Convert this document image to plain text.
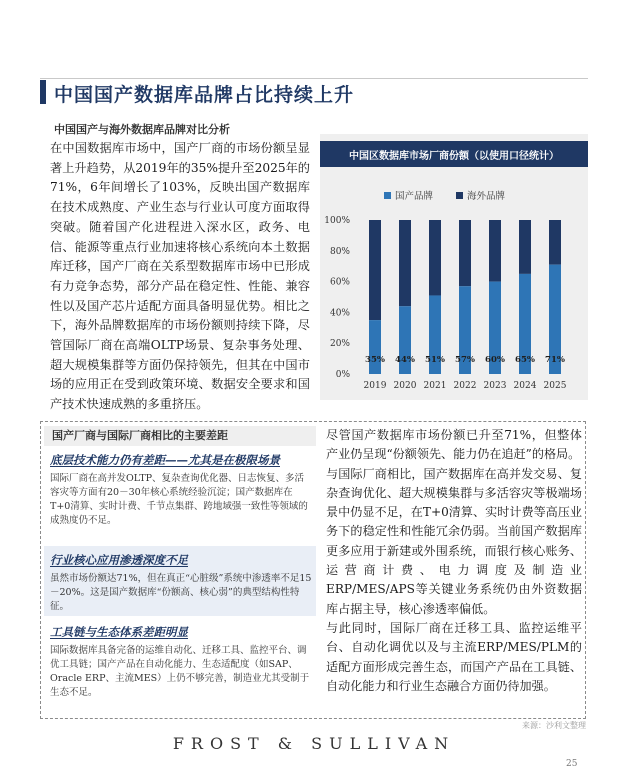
中国国产数据库品牌占比持续上升
中国国产与海外数据库品牌对比分析
在中国数据库市场中，国产厂商的市场份额呈显著上升趋势，从2019年的35%提升至2025年的71%，6年间增长了103%，反映出国产数据库在技术成熟度、产业生态与行业认可度方面取得突破。随着国产化进程进入深水区，政务、电信、能源等重点行业加速将核心系统向本土数据库迁移，国产厂商在关系型数据库市场中已形成有力竞争态势，部分产品在稳定性、性能、兼容性以及国产芯片适配方面具备明显优势。相比之下，海外品牌数据库的市场份额则持续下降，尽管国际厂商在高端OLTP场景、复杂事务处理、超大规模集群等方面仍保持领先，但其在中国市场的应用正在受到政策环境、数据安全要求和国产技术快速成熟的多重挤压。
中国区数据库市场厂商份额（以使用口径统计）
国产品牌	海外品牌
0%
20%
40%
60%
80%
100%
35%
2019
44%
2020
51%
2021
57%
2022
60%
2023
65%
2024
71%
2025
国产厂商与国际厂商相比的主要差距
底层技术能力仍有差距——尤其是在极限场景
国际厂商在高并发OLTP、复杂查询优化器、日志恢复、多活容灾等方面有20－30年核心系统经验沉淀；国产数据库在T+0清算、实时计费、千节点集群、跨地域强一致性等领域的成熟度仍不足。
行业核心应用渗透深度不足
虽然市场份额达71%，但在真正“心脏级”系统中渗透率不足15－20%。这是国产数据库“份额高、核心弱”的典型结构性特征。
工具链与生态体系差距明显
国际数据库具备完备的运维自动化、迁移工具、监控平台、调优工具链；国产产品在自动化能力、生态适配度（如SAP、Oracle ERP、主流MES）上仍不够完善，制造业尤其受制于生态不足。
尽管国产数据库市场份额已升至71%，但整体产业仍呈现“份额领先、能力仍在追赶”的格局。
与国际厂商相比，国产数据库在高并发交易、复杂查询优化、超大规模集群与多活容灾等极端场景中仍显不足，在T+0清算、实时计费等高压业务下的稳定性和性能冗余仍弱。当前国产数据库更多应用于新建或外围系统，而银行核心账务、运营商计费、电力调度及制造业ERP/MES/APS等关键业务系统仍由外资数据库占据主导，核心渗透率偏低。
与此同时，国际厂商在迁移工具、监控运维平台、自动化调优以及与主流ERP/MES/PLM的适配方面形成完善生态，而国产产品在工具链、自动化能力和行业生态融合方面仍待加强。
来源：沙利文整理
FROST & SULLIVAN
25
